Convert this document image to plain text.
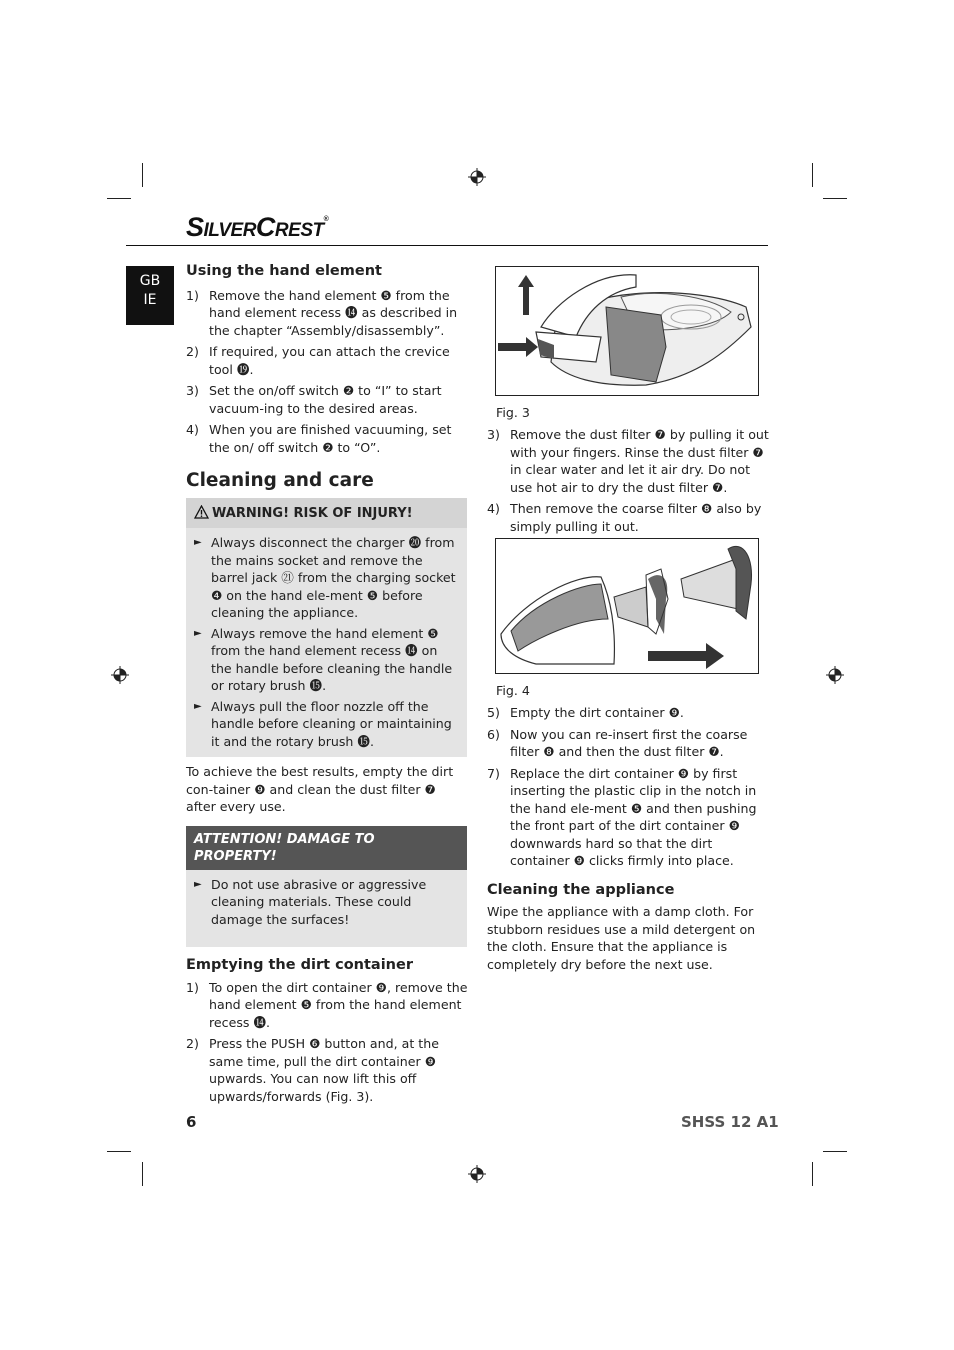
SILVERCREST®
GB
IE
Using the hand element
1) Remove the hand element ❺ from the hand element recess ⓮ as described in the chapter “Assembly/disassembly”.
2) If required, you can attach the crevice tool ⓳.
3) Set the on/off switch ❷ to “I” to start vacuum-ing to the desired areas.
4) When you are finished vacuuming, set the on/ off switch ❷ to “O”.
Cleaning and care
WARNING! RISK OF INJURY!
► Always disconnect the charger ⓴ from the mains socket and remove the barrel jack ㉑ from the charging socket ❹ on the hand ele-ment ❺ before cleaning the appliance.
► Always remove the hand element ❺ from the hand element recess ⓮ on the handle before cleaning the handle or rotary brush ⓯.
► Always pull the floor nozzle off the handle before cleaning or maintaining it and the rotary brush ⓯.

To achieve the best results, empty the dirt con-tainer ❾ and clean the dust filter ❼ after every use.

ATTENTION! DAMAGE TO PROPERTY!
► Do not use abrasive or aggressive cleaning materials. These could damage the surfaces!
Emptying the dirt container
1) To open the dirt container ❾, remove the hand element ❺ from the hand element recess ⓮.
2) Press the PUSH ❻ button and, at the same time, pull the dirt container ❾ upwards. You can now lift this off upwards/forwards (Fig. 3).
Fig. 3
3) Remove the dust filter ❼ by pulling it out with your fingers. Rinse the dust filter ❼ in clear water and let it air dry. Do not use hot air to dry the dust filter ❼.
4) Then remove the coarse filter ❽ also by simply pulling it out.
Fig. 4
5) Empty the dirt container ❾.
6) Now you can re-insert first the coarse filter ❽ and then the dust filter ❼.
7) Replace the dirt container ❾ by first inserting the plastic clip in the notch in the hand ele-ment ❺ and then pushing the front part of the dirt container ❾ downwards hard so that the dirt container ❾ clicks firmly into place.
Cleaning the appliance

Wipe the appliance with a damp cloth. For stubborn residues use a mild detergent on the cloth. Ensure that the appliance is completely dry before the next use.

6	SHSS 12 A1
